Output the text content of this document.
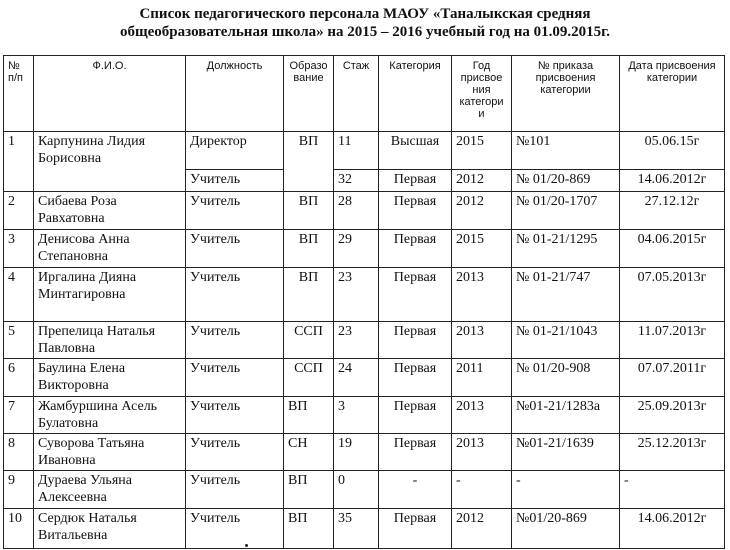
Список педагогического персонала МАОУ «Таналыкская средняя
общеобразовательная школа» на 2015 – 2016 учебный год на 01.09.2015г.
№ п/п	Ф.И.О.	Должность	Образо вание	Стаж	Категория	Год присвое ния категори и	№ приказа присвоения категории	Дата присвоения категории
1	Карпунина Лидия Борисовна	Директор	ВП	11	Высшая	2015	№101	05.06.15г
		Учитель		32	Первая	2012	№ 01/20-869	14.06.2012г
2	Сибаева Роза Равхатовна	Учитель	ВП	28	Первая	2012	№ 01/20-1707	27.12.12г
3	Денисова Анна Степановна	Учитель	ВП	29	Первая	2015	№ 01-21/1295	04.06.2015г
4	Иргалина Дияна Минтагировна	Учитель	ВП	23	Первая	2013	№ 01-21/747	07.05.2013г
5	Препелица Наталья Павловна	Учитель	ССП	23	Первая	2013	№ 01-21/1043	11.07.2013г
6	Баулина Елена Викторовна	Учитель	ССП	24	Первая	2011	№ 01/20-908	07.07.2011г
7	Жамбуршина Асель Булатовна	Учитель	ВП	3	Первая	2013	№01-21/1283а	25.09.2013г
8	Суворова Татьяна Ивановна	Учитель	СН	19	Первая	2013	№01-21/1639	25.12.2013г
9	Дураева Ульяна Алексеевна	Учитель	ВП	0	-	-	-	-
10	Сердюк Наталья Витальевна	Учитель	ВП	35	Первая	2012	№01/20-869	14.06.2012г
